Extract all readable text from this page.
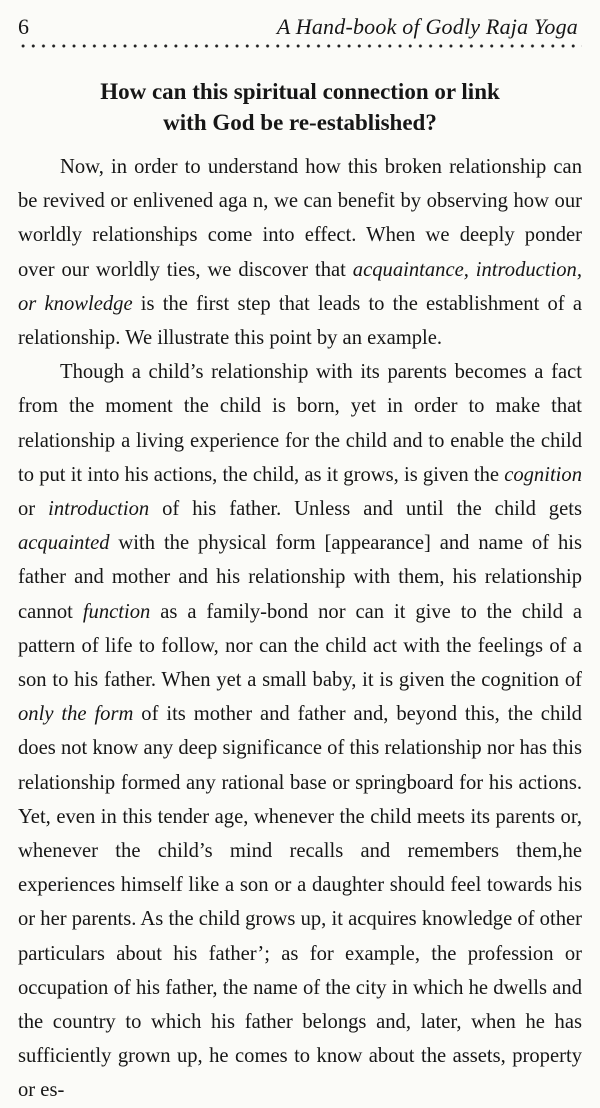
6	A Hand-book of Godly Raja Yoga
How can this spiritual connection or link
with God be re-established?

Now, in order to understand how this broken relationship can be revived or enlivened aga n, we can benefit by observing how our worldly relationships come into effect. When we deeply ponder over our worldly ties, we discover that acquaintance, introduction, or knowledge is the first step that leads to the establishment of a relationship. We illustrate this point by an example.

Though a child’s relationship with its parents becomes a fact from the moment the child is born, yet in order to make that relationship a living experience for the child and to enable the child to put it into his actions, the child, as it grows, is given the cognition or introduction of his father. Unless and until the child gets acquainted with the physical form [appearance] and name of his father and mother and his relationship with them, his relationship cannot function as a family-bond nor can it give to the child a pattern of life to follow, nor can the child act with the feelings of a son to his father. When yet a small baby, it is given the cognition of only the form of its mother and father and, beyond this, the child does not know any deep significance of this relationship nor has this relationship formed any rational base or springboard for his actions. Yet, even in this tender age, whenever the child meets its parents or, whenever the child’s mind recalls and remembers them,he experiences himself like a son or a daughter should feel towards his or her parents. As the child grows up, it acquires knowledge of other particulars about his father’; as for example, the profession or occupation of his father, the name of the city in which he dwells and the country to which his father belongs and, later, when he has sufficiently grown up, he comes to know about the assets, property or es-
